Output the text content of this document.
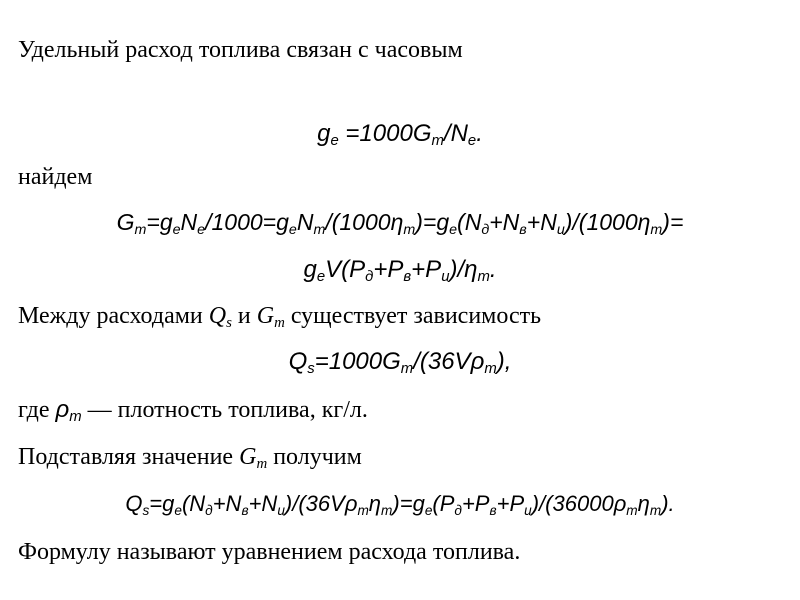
Удельный расход топлива связан с часовым
$g_е =1000G_т/N_е$.
найдем
$G_т=g_еN_е/1000=g_еN_т/(1000\eta_т)=g_е(N_д+N_в+N_и)/(1000\eta_т)=$
$g_еV(P_д+P_в+P_и)/\eta_т$.
Между расходами $Q_s$ и $G_т$ существует зависимость
$Q_s=1000G_т/(36V\rho_т)$,
где $\rho_т$ — плотность топлива, кг/л.
Подставляя значение $G_т$ получим
$Q_s=g_е(N_д+N_в+N_и)/(36V\rho_т\eta_т)=g_е(P_д+P_в+P_и)/(36000\rho_т\eta_т)$.
Формулу называют уравнением расхода топлива.
